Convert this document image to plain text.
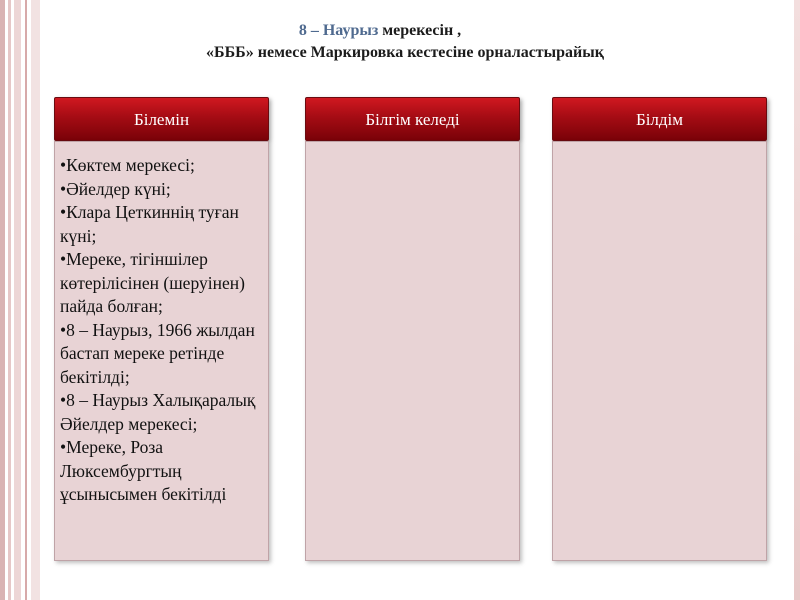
8 – Наурыз мерекесін ,
«БББ» немесе Маркировка кестесіне орналастырайық
Білемін
•Көктем мерекесі;
•Әйелдер күні;
•Клара Цеткиннің туған күні;
•Мереке, тігіншілер көтерілісінен (шеруінен) пайда болған;
•8 – Наурыз, 1966 жылдан бастап мереке ретінде бекітілді;
•8 – Наурыз Халықаралық Әйелдер мерекесі;
•Мереке, Роза Люксембургтың ұсынысымен бекітілді
Білгім келеді	Білдім
